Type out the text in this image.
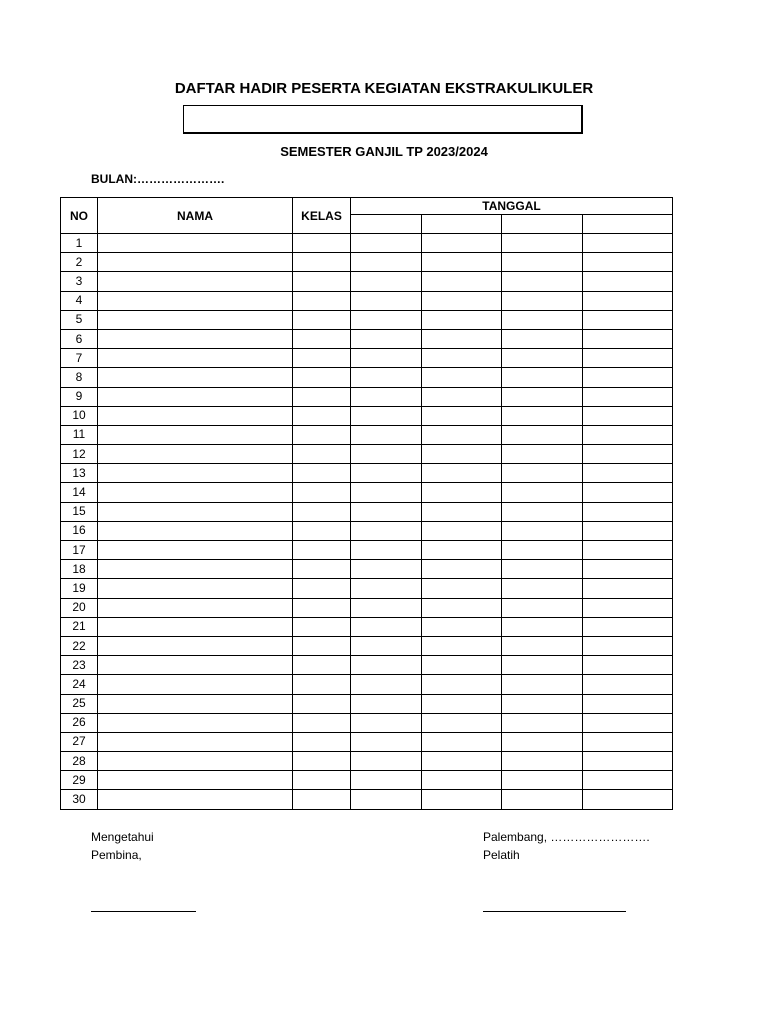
DAFTAR HADIR PESERTA KEGIATAN EKSTRAKULIKULER
SEMESTER GANJIL TP 2023/2024
BULAN:………………….
NO	NAMA	KELAS	TANGGAL			

1						
2						
3						
4						
5						
6						
7						
8						
9						
10						
11						
12						
13						
14						
15						
16						
17						
18						
19						
20						
21						
22						
23						
24						
25						
26						
27						
28						
29						
30						
Mengetahui
Pembina,
Palembang, …………………….
Pelatih
